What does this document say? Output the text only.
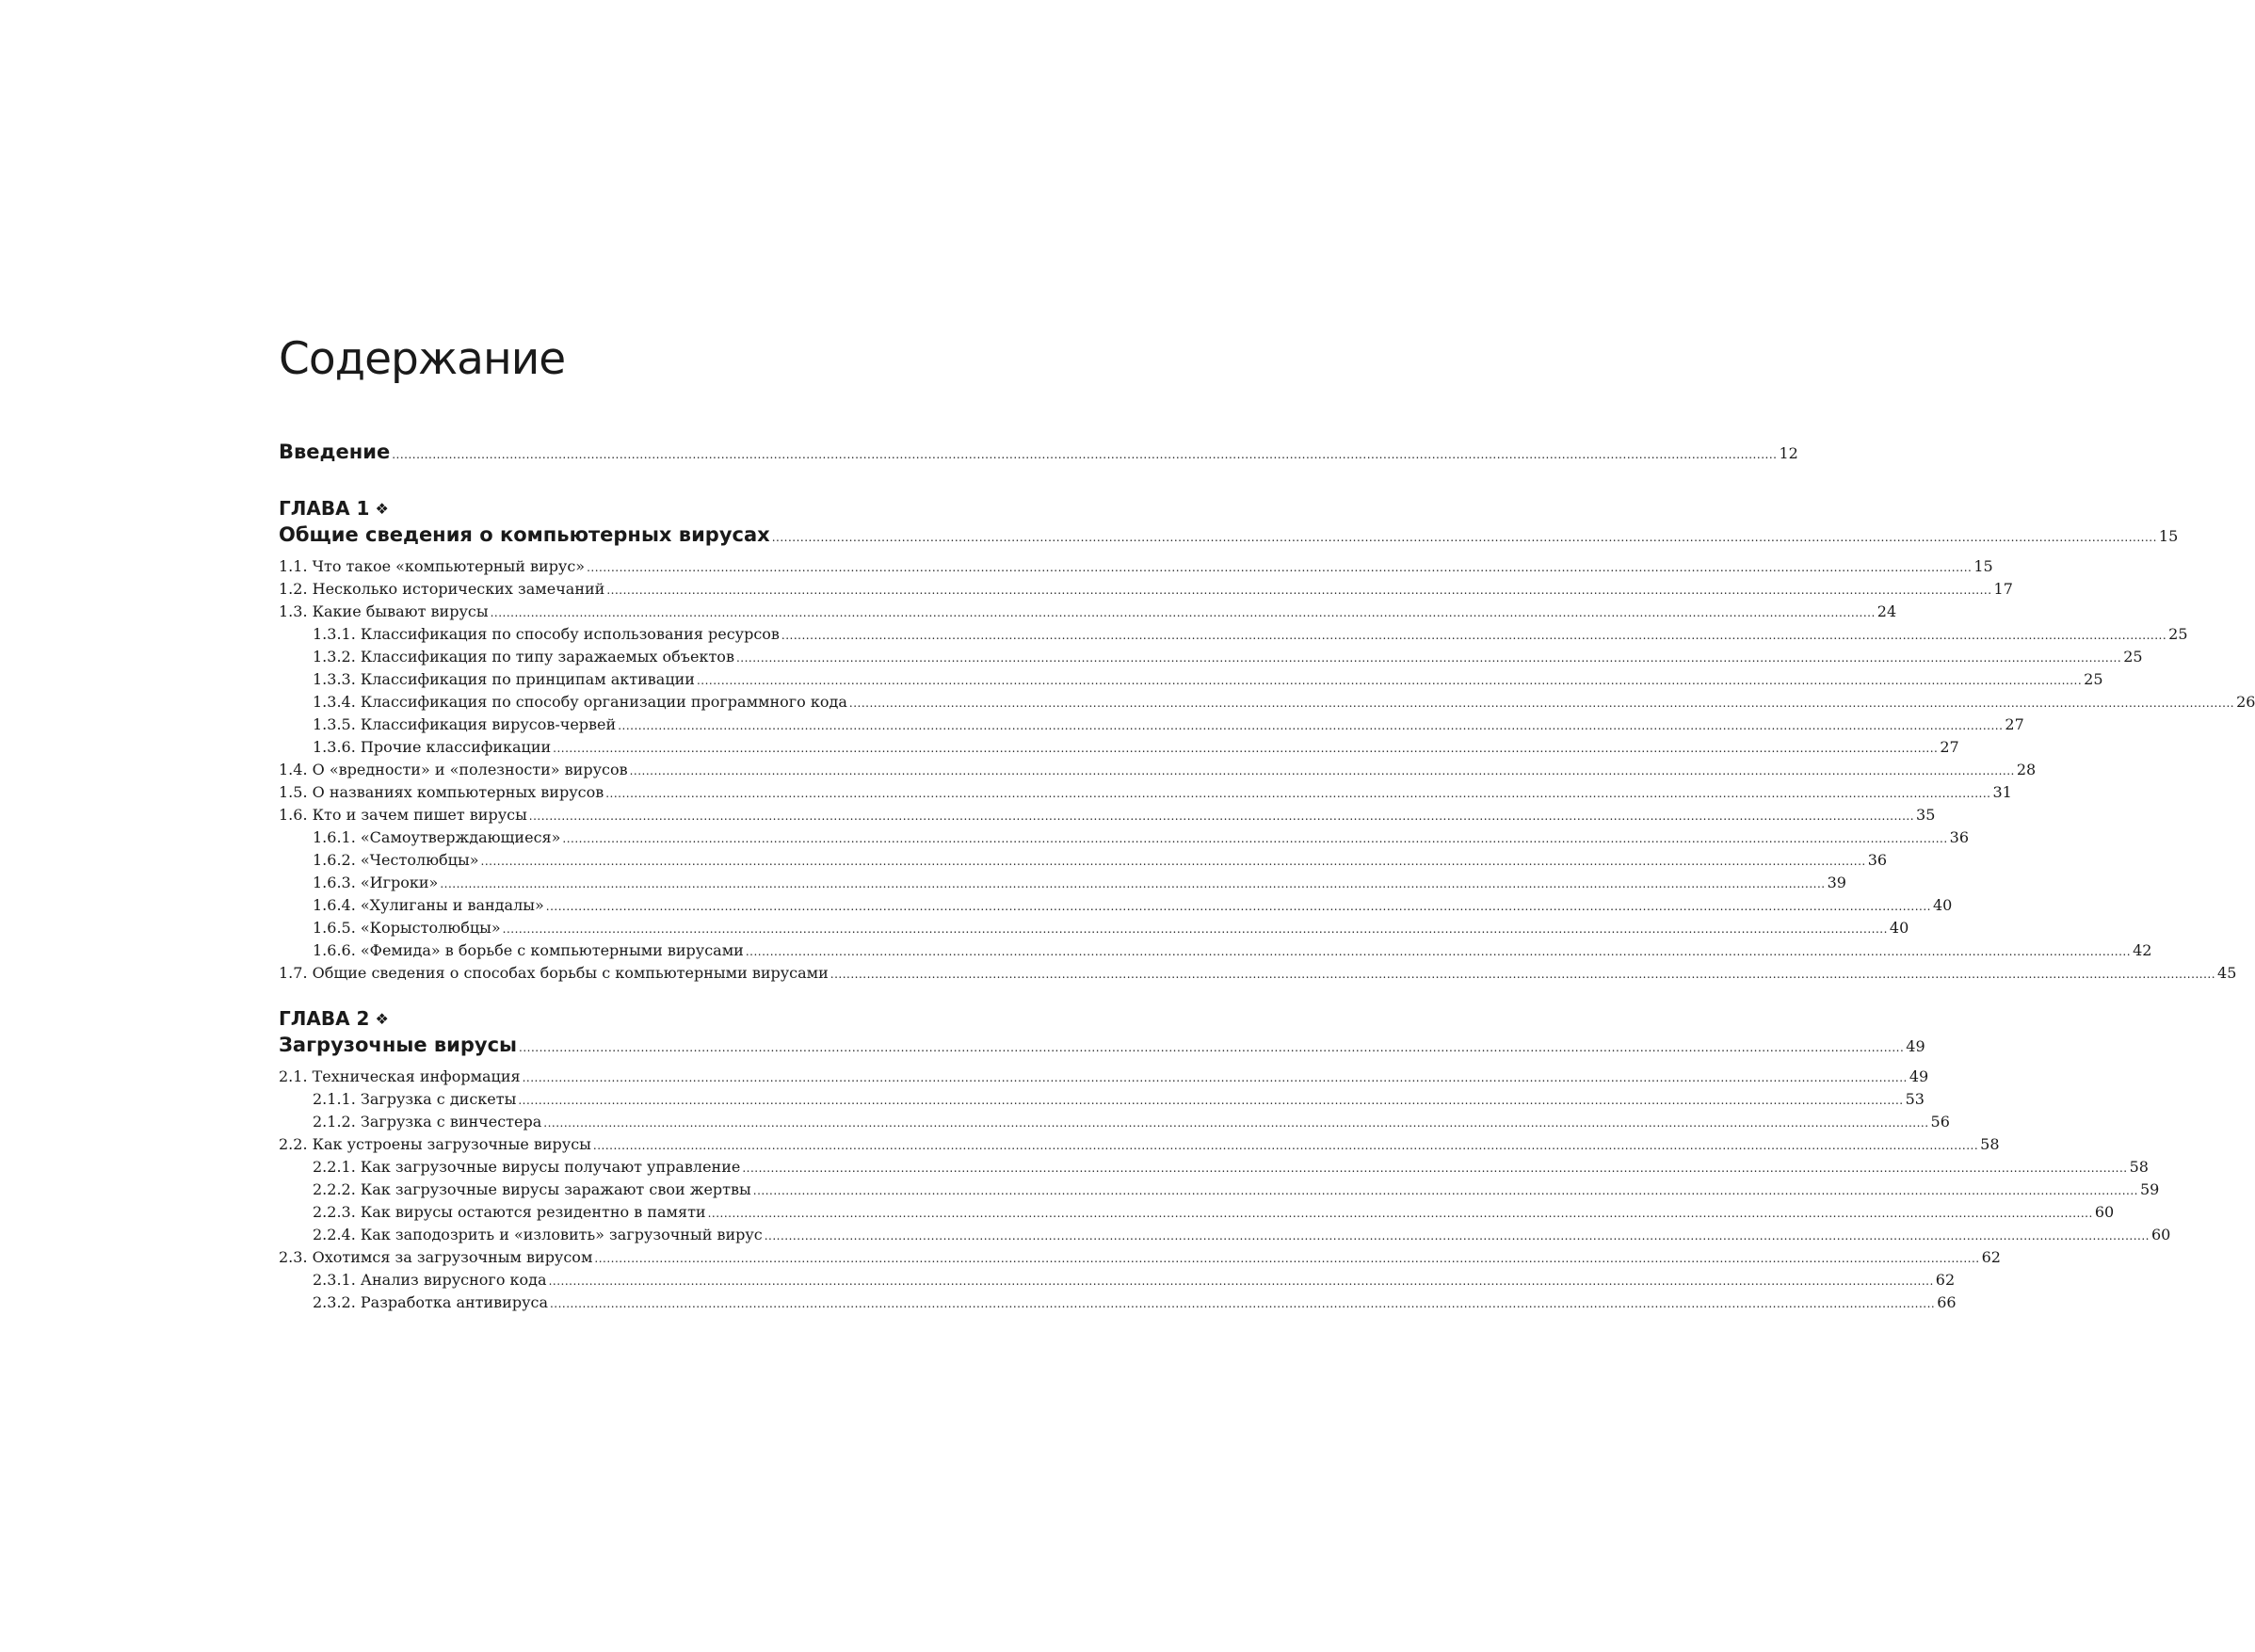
Содержание
Введение .....	12
ГЛАВА 1 ❖
Общие сведения о компьютерных вирусах .....	15
1.1. Что такое «компьютерный вирус» .....	15
1.2. Несколько исторических замечаний .....	17
1.3. Какие бывают вирусы .....	24
1.3.1. Классификация по способу использования ресурсов .....	25
1.3.2. Классификация по типу заражаемых объектов .....	25
1.3.3. Классификация по принципам активации .....	25
1.3.4. Классификация по способу организации программного кода .....	26
1.3.5. Классификация вирусов-червей .....	27
1.3.6. Прочие классификации .....	27
1.4. О «вредности» и «полезности» вирусов .....	28
1.5. О названиях компьютерных вирусов .....	31
1.6. Кто и зачем пишет вирусы .....	35
1.6.1. «Самоутверждающиеся» .....	36
1.6.2. «Честолюбцы» .....	36
1.6.3. «Игроки» .....	39
1.6.4. «Хулиганы и вандалы» .....	40
1.6.5. «Корыстолюбцы» .....	40
1.6.6. «Фемида» в борьбе с компьютерными вирусами .....	42
1.7. Общие сведения о способах борьбы с компьютерными вирусами .....	45
ГЛАВА 2 ❖
Загрузочные вирусы .....	49
2.1. Техническая информация .....	49
2.1.1. Загрузка с дискеты .....	53
2.1.2. Загрузка с винчестера .....	56
2.2. Как устроены загрузочные вирусы .....	58
2.2.1. Как загрузочные вирусы получают управление .....	58
2.2.2. Как загрузочные вирусы заражают свои жертвы .....	59
2.2.3. Как вирусы остаются резидентно в памяти .....	60
2.2.4. Как заподозрить и «изловить» загрузочный вирус .....	60
2.3. Охотимся за загрузочным вирусом .....	62
2.3.1. Анализ вирусного кода .....	62
2.3.2. Разработка антивируса .....	66
